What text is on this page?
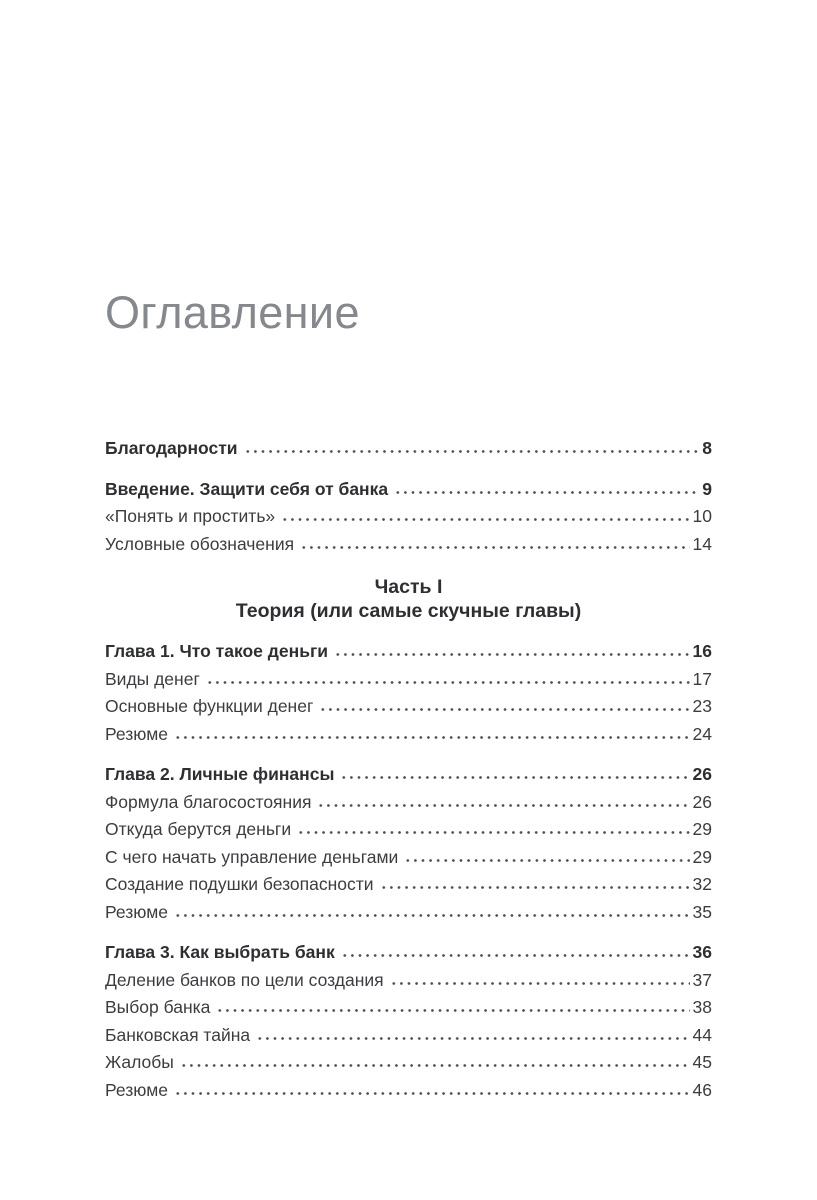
Оглавление
Благодарности	8
Введение. Защити себя от банка	9
«Понять и простить»	10
Условные обозначения	14
Часть I
Теория (или самые скучные главы)
Глава 1. Что такое деньги	16
Виды денег	17
Основные функции денег	23
Резюме	24
Глава 2. Личные финансы	26
Формула благосостояния	26
Откуда берутся деньги	29
С чего начать управление деньгами	29
Создание подушки безопасности	32
Резюме	35
Глава 3. Как выбрать банк	36
Деление банков по цели создания	37
Выбор банка	38
Банковская тайна	44
Жалобы	45
Резюме	46
